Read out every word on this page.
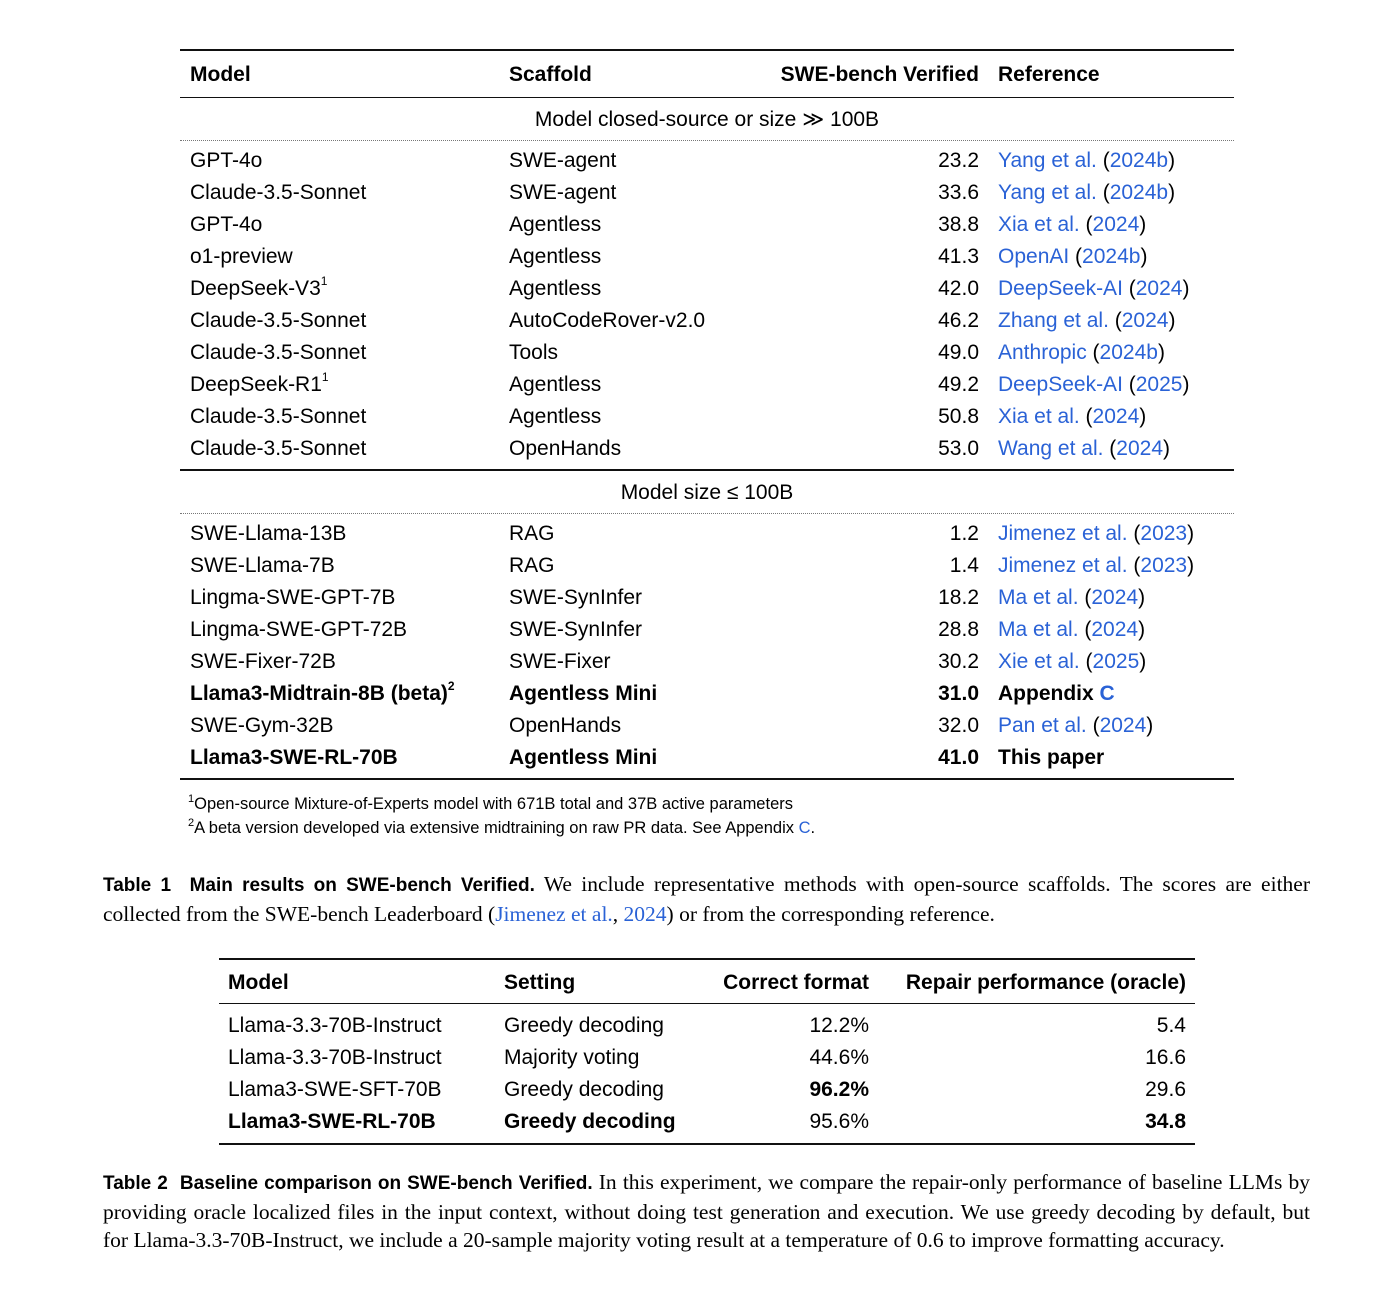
Model	Scaffold	SWE-bench Verified Reference
Model closed-source or size ≫ 100B
GPT-4o	SWE-agent	23.2 Yang et al. (2024b)
Claude-3.5-Sonnet	SWE-agent	33.6 Yang et al. (2024b)
GPT-4o	Agentless	38.8 Xia et al. (2024)
o1-preview	Agentless	41.3 OpenAI (2024b)
DeepSeek-$V3^1$	Agentless	42.0 DeepSeek-AI (2024)
Claude-3.5-Sonnet	AutoCodeRover-v2.0	46.2 Zhang et al. (2024)
Claude-3.5-Sonnet	Tools	49.0 Anthropic (2024b)
DeepSeek-$R1^1$	Agentless	49.2 DeepSeek-AI (2025)
Claude-3.5-Sonnet	Agentless	50.8 Xia et al. (2024)
Claude-3.5-Sonnet	OpenHands	53.0 Wang et al. (2024)
Model size ≤ 100B
SWE-Llama-13B	RAG	1.2 Jimenez et al. (2023)
SWE-Llama-7B	RAG	1.4 Jimenez et al. (2023)
Lingma-SWE-GPT-7B	SWE-SynInfer	18.2 Ma et al. (2024)
Lingma-SWE-GPT-72B	SWE-SynInfer	28.8 Ma et al. (2024)
SWE-Fixer-72B	SWE-Fixer	30.2 Xie et al. (2025)
Llama3-Midtrain-8B (beta)$^2$	Agentless Mini	31.0 Appendix C
SWE-Gym-32B	OpenHands	32.0 Pan et al. (2024)
Llama3-SWE-RL-70B	Agentless Mini	41.0 This paper
$^1$Open-source Mixture-of-Experts model with 671B total and 37B active parameters
$^2$A beta version developed via extensive midtraining on raw PR data. See Appendix C.
Table 1 Main results on SWE-bench Verified. We include representative methods with open-source scaffolds. The scores are either collected from the SWE-bench Leaderboard (Jimenez et al., 2024) or from the corresponding reference.
Model	Setting	Correct format Repair performance (oracle)
Llama-3.3-70B-Instruct	Greedy decoding	12.2%	5.4
Llama-3.3-70B-Instruct	Majority voting	44.6%	16.6
Llama3-SWE-SFT-70B	Greedy decoding	96.2%	29.6
Llama3-SWE-RL-70B	Greedy decoding	95.6%	34.8
Table 2 Baseline comparison on SWE-bench Verified. In this experiment, we compare the repair-only performance of baseline LLMs by providing oracle localized files in the input context, without doing test generation and execution. We use greedy decoding by default, but for Llama-3.3-70B-Instruct, we include a 20-sample majority voting result at a temperature of 0.6 to improve formatting accuracy.
